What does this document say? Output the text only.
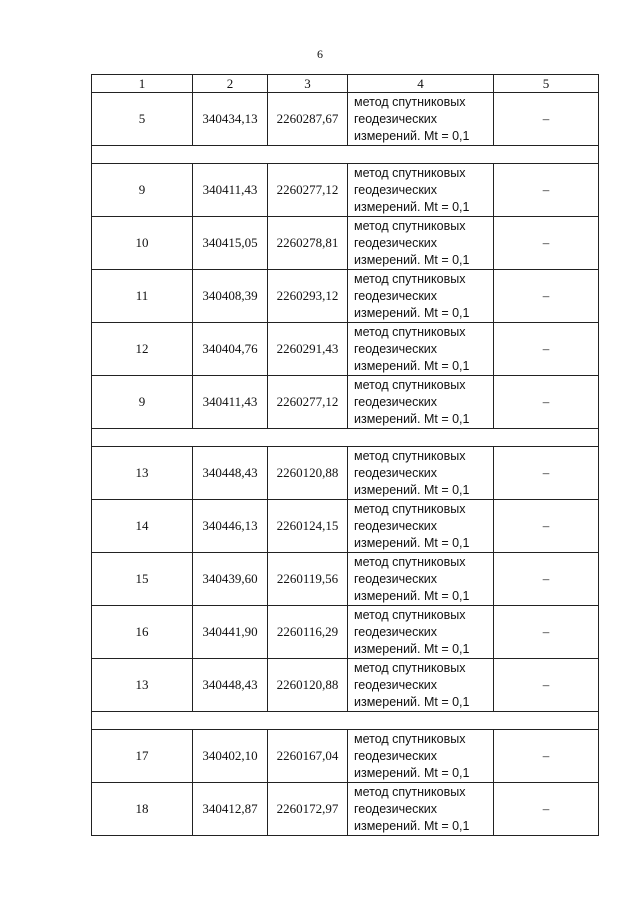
6
1	2	3	4	5
5	340434,13	2260287,67	метод спутниковых
геодезических
измерений. Mt = 0,1	–

9	340411,43	2260277,12	метод спутниковых
геодезических
измерений. Mt = 0,1	–
10	340415,05	2260278,81	метод спутниковых
геодезических
измерений. Mt = 0,1	–
11	340408,39	2260293,12	метод спутниковых
геодезических
измерений. Mt = 0,1	–
12	340404,76	2260291,43	метод спутниковых
геодезических
измерений. Mt = 0,1	–
9	340411,43	2260277,12	метод спутниковых
геодезических
измерений. Mt = 0,1	–

13	340448,43	2260120,88	метод спутниковых
геодезических
измерений. Mt = 0,1	–
14	340446,13	2260124,15	метод спутниковых
геодезических
измерений. Mt = 0,1	–
15	340439,60	2260119,56	метод спутниковых
геодезических
измерений. Mt = 0,1	–
16	340441,90	2260116,29	метод спутниковых
геодезических
измерений. Mt = 0,1	–
13	340448,43	2260120,88	метод спутниковых
геодезических
измерений. Mt = 0,1	–

17	340402,10	2260167,04	метод спутниковых
геодезических
измерений. Mt = 0,1	–
18	340412,87	2260172,97	метод спутниковых
геодезических
измерений. Mt = 0,1	–
